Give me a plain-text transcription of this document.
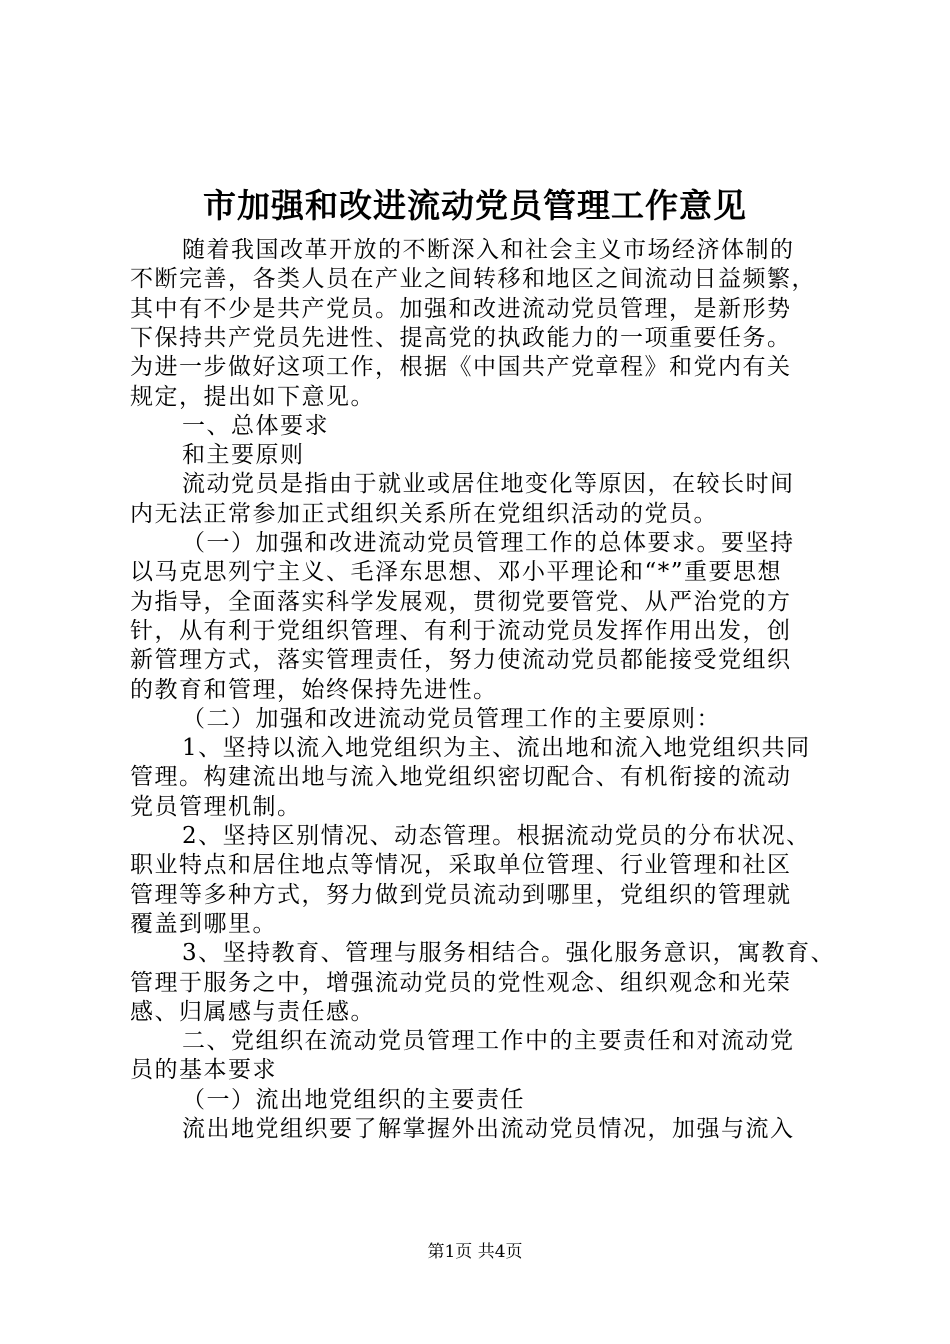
市加强和改进流动党员管理工作意见
随着我国改革开放的不断深入和社会主义市场经济体制的
不断完善，各类人员在产业之间转移和地区之间流动日益频繁，
其中有不少是共产党员。加强和改进流动党员管理，是新形势
下保持共产党员先进性、提高党的执政能力的一项重要任务。
为进一步做好这项工作，根据《中国共产党章程》和党内有关
规定，提出如下意见。
一、总体要求
和主要原则
流动党员是指由于就业或居住地变化等原因，在较长时间
内无法正常参加正式组织关系所在党组织活动的党员。
（一）加强和改进流动党员管理工作的总体要求。要坚持
以马克思列宁主义、毛泽东思想、邓小平理论和“*”重要思想
为指导，全面落实科学发展观，贯彻党要管党、从严治党的方
针，从有利于党组织管理、有利于流动党员发挥作用出发，创
新管理方式，落实管理责任，努力使流动党员都能接受党组织
的教育和管理，始终保持先进性。
（二）加强和改进流动党员管理工作的主要原则：
1、坚持以流入地党组织为主、流出地和流入地党组织共同
管理。构建流出地与流入地党组织密切配合、有机衔接的流动
党员管理机制。
2、坚持区别情况、动态管理。根据流动党员的分布状况、
职业特点和居住地点等情况，采取单位管理、行业管理和社区
管理等多种方式，努力做到党员流动到哪里，党组织的管理就
覆盖到哪里。
3、坚持教育、管理与服务相结合。强化服务意识，寓教育、
管理于服务之中，增强流动党员的党性观念、组织观念和光荣
感、归属感与责任感。
二、党组织在流动党员管理工作中的主要责任和对流动党
员的基本要求
（一）流出地党组织的主要责任
流出地党组织要了解掌握外出流动党员情况，加强与流入
第1页 共4页
